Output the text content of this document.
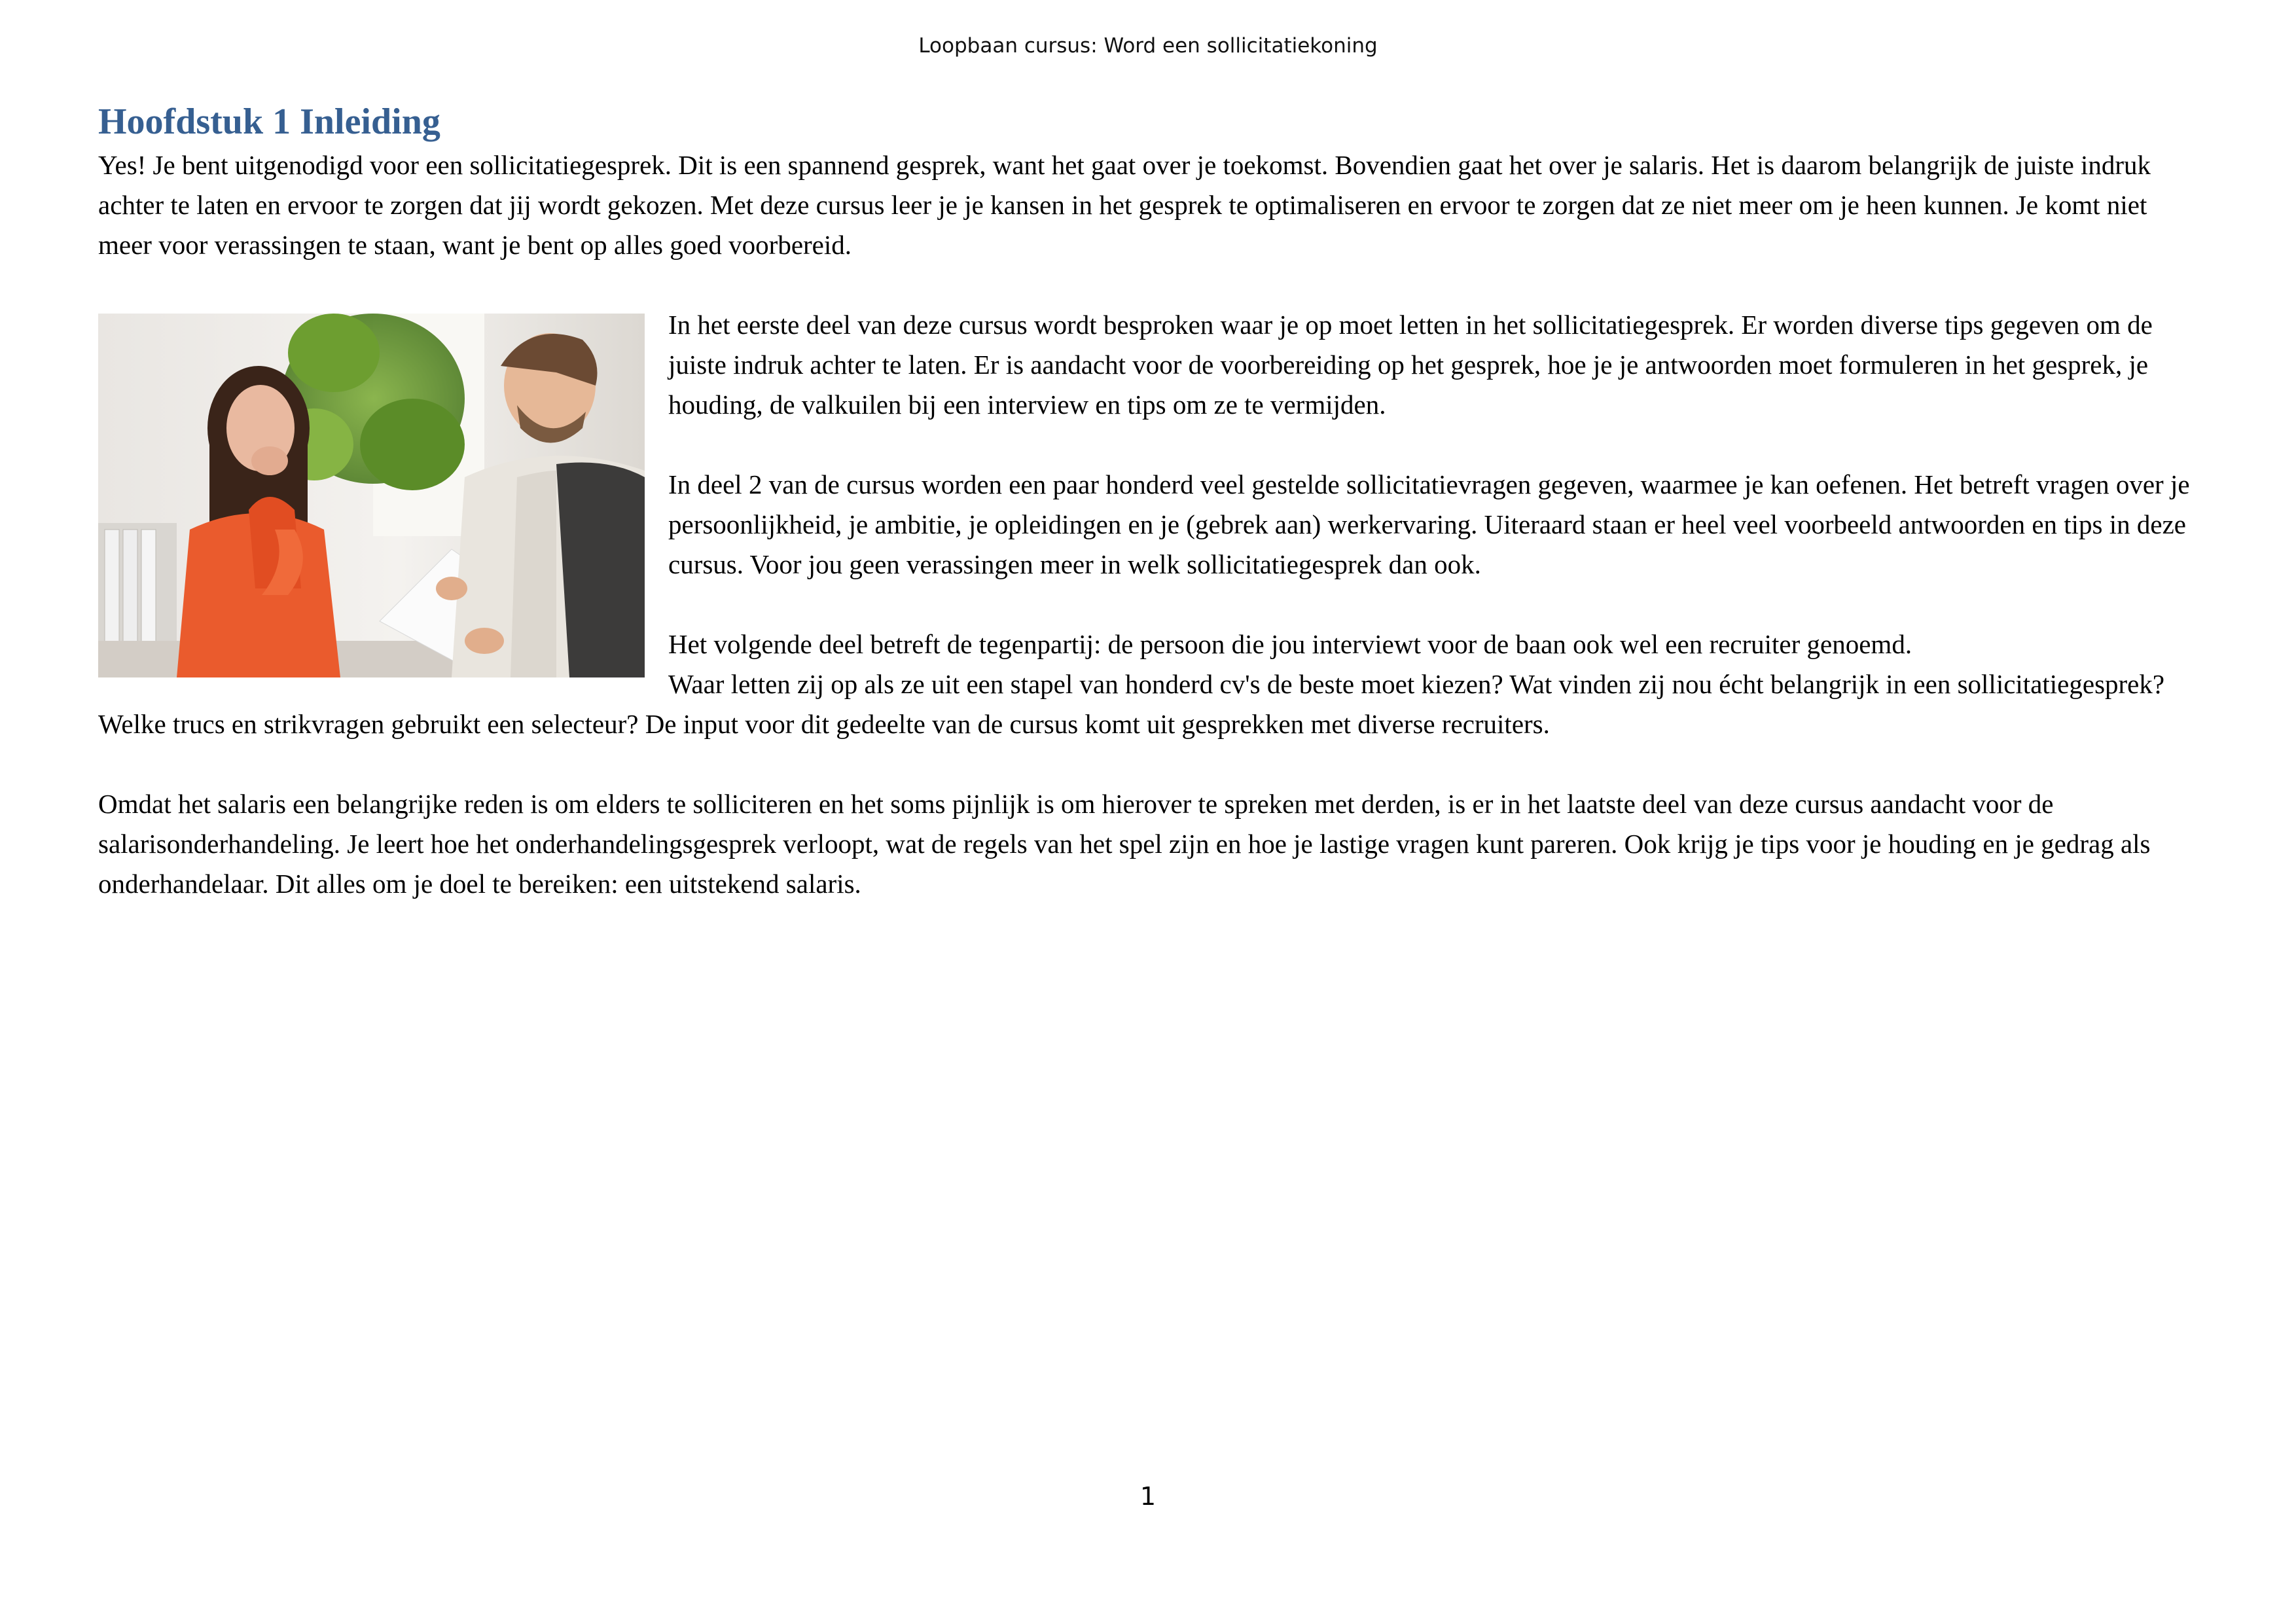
Loopbaan cursus: Word een sollicitatiekoning
Hoofdstuk 1 Inleiding

Yes! Je bent uitgenodigd voor een sollicitatiegesprek. Dit is een spannend gesprek, want het gaat over je toekomst. Bovendien gaat het over je salaris. Het is daarom belangrijk de juiste indruk achter te laten en ervoor te zorgen dat jij wordt gekozen. Met deze cursus leer je je kansen in het gesprek te optimaliseren en ervoor te zorgen dat ze niet meer om je heen kunnen. Je komt niet meer voor verassingen te staan, want je bent op alles goed voorbereid.

In het eerste deel van deze cursus wordt besproken waar je op moet letten in het sollicitatiegesprek. Er worden diverse tips gegeven om de juiste indruk achter te laten. Er is aandacht voor de voorbereiding op het gesprek, hoe je je antwoorden moet formuleren in het gesprek, je houding, de valkuilen bij een interview en tips om ze te vermijden.

In deel 2 van de cursus worden een paar honderd veel gestelde sollicitatievragen gegeven, waarmee je kan oefenen. Het betreft vragen over je persoonlijkheid, je ambitie, je opleidingen en je (gebrek aan) werkervaring. Uiteraard staan er heel veel voorbeeld antwoorden en tips in deze cursus. Voor jou geen verassingen meer in welk sollicitatiegesprek dan ook.

Het volgende deel betreft de tegenpartij: de persoon die jou interviewt voor de baan ook wel een recruiter genoemd.

Waar letten zij op als ze uit een stapel van honderd cv's de beste moet kiezen? Wat vinden zij nou écht belangrijk in een sollicitatiegesprek? Welke trucs en strikvragen gebruikt een selecteur? De input voor dit gedeelte van de cursus komt uit gesprekken met diverse recruiters.

Omdat het salaris een belangrijke reden is om elders te solliciteren en het soms pijnlijk is om hierover te spreken met derden, is er in het laatste deel van deze cursus aandacht voor de salarisonderhandeling. Je leert hoe het onderhandelingsgesprek verloopt, wat de regels van het spel zijn en hoe je lastige vragen kunt pareren. Ook krijg je tips voor je houding en je gedrag als onderhandelaar. Dit alles om je doel te bereiken: een uitstekend salaris.

1
